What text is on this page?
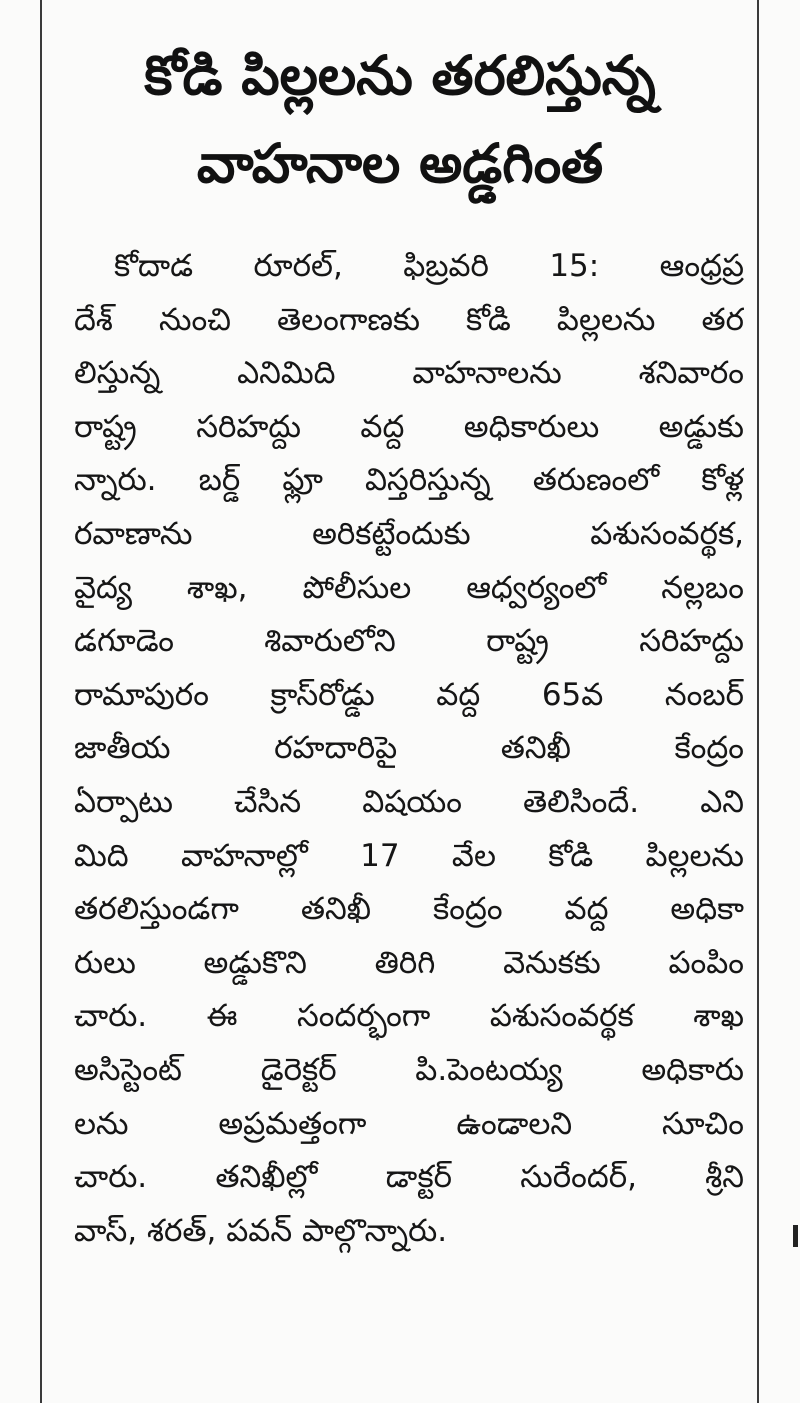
కోడి పిల్లలను తరలిస్తున్న
వాహనాల అడ్డగింత
కోదాడ రూరల్, ఫిబ్రవరి 15: ఆంధ్రప్ర
దేశ్ నుంచి తెలంగాణకు కోడి పిల్లలను తర
లిస్తున్న ఎనిమిది వాహనాలను శనివారం
రాష్ట్ర సరిహద్దు వద్ద అధికారులు అడ్డుకు
న్నారు. బర్డ్ ఫ్లూ విస్తరిస్తున్న తరుణంలో కోళ్ల
రవాణాను అరికట్టేందుకు పశుసంవర్థక,
వైద్య శాఖ, పోలీసుల ఆధ్వర్యంలో నల్లబం
డగూడెం శివారులోని రాష్ట్ర సరిహద్దు
రామాపురం క్రాస్‌రోడ్డు వద్ద 65వ నంబర్
జాతీయ రహదారిపై తనిఖీ కేంద్రం
ఏర్పాటు చేసిన విషయం తెలిసిందే. ఎని
మిది వాహనాల్లో 17 వేల కోడి పిల్లలను
తరలిస్తుండగా తనిఖీ కేంద్రం వద్ద అధికా
రులు అడ్డుకొని తిరిగి వెనుకకు పంపిం
చారు. ఈ సందర్భంగా పశుసంవర్థక శాఖ
అసిస్టెంట్ డైరెక్టర్ పి.పెంటయ్య అధికారు
లను అప్రమత్తంగా ఉండాలని సూచిం
చారు. తనిఖీల్లో డాక్టర్ సురేందర్, శ్రీని
వాస్, శరత్, పవన్ పాల్గొన్నారు.
